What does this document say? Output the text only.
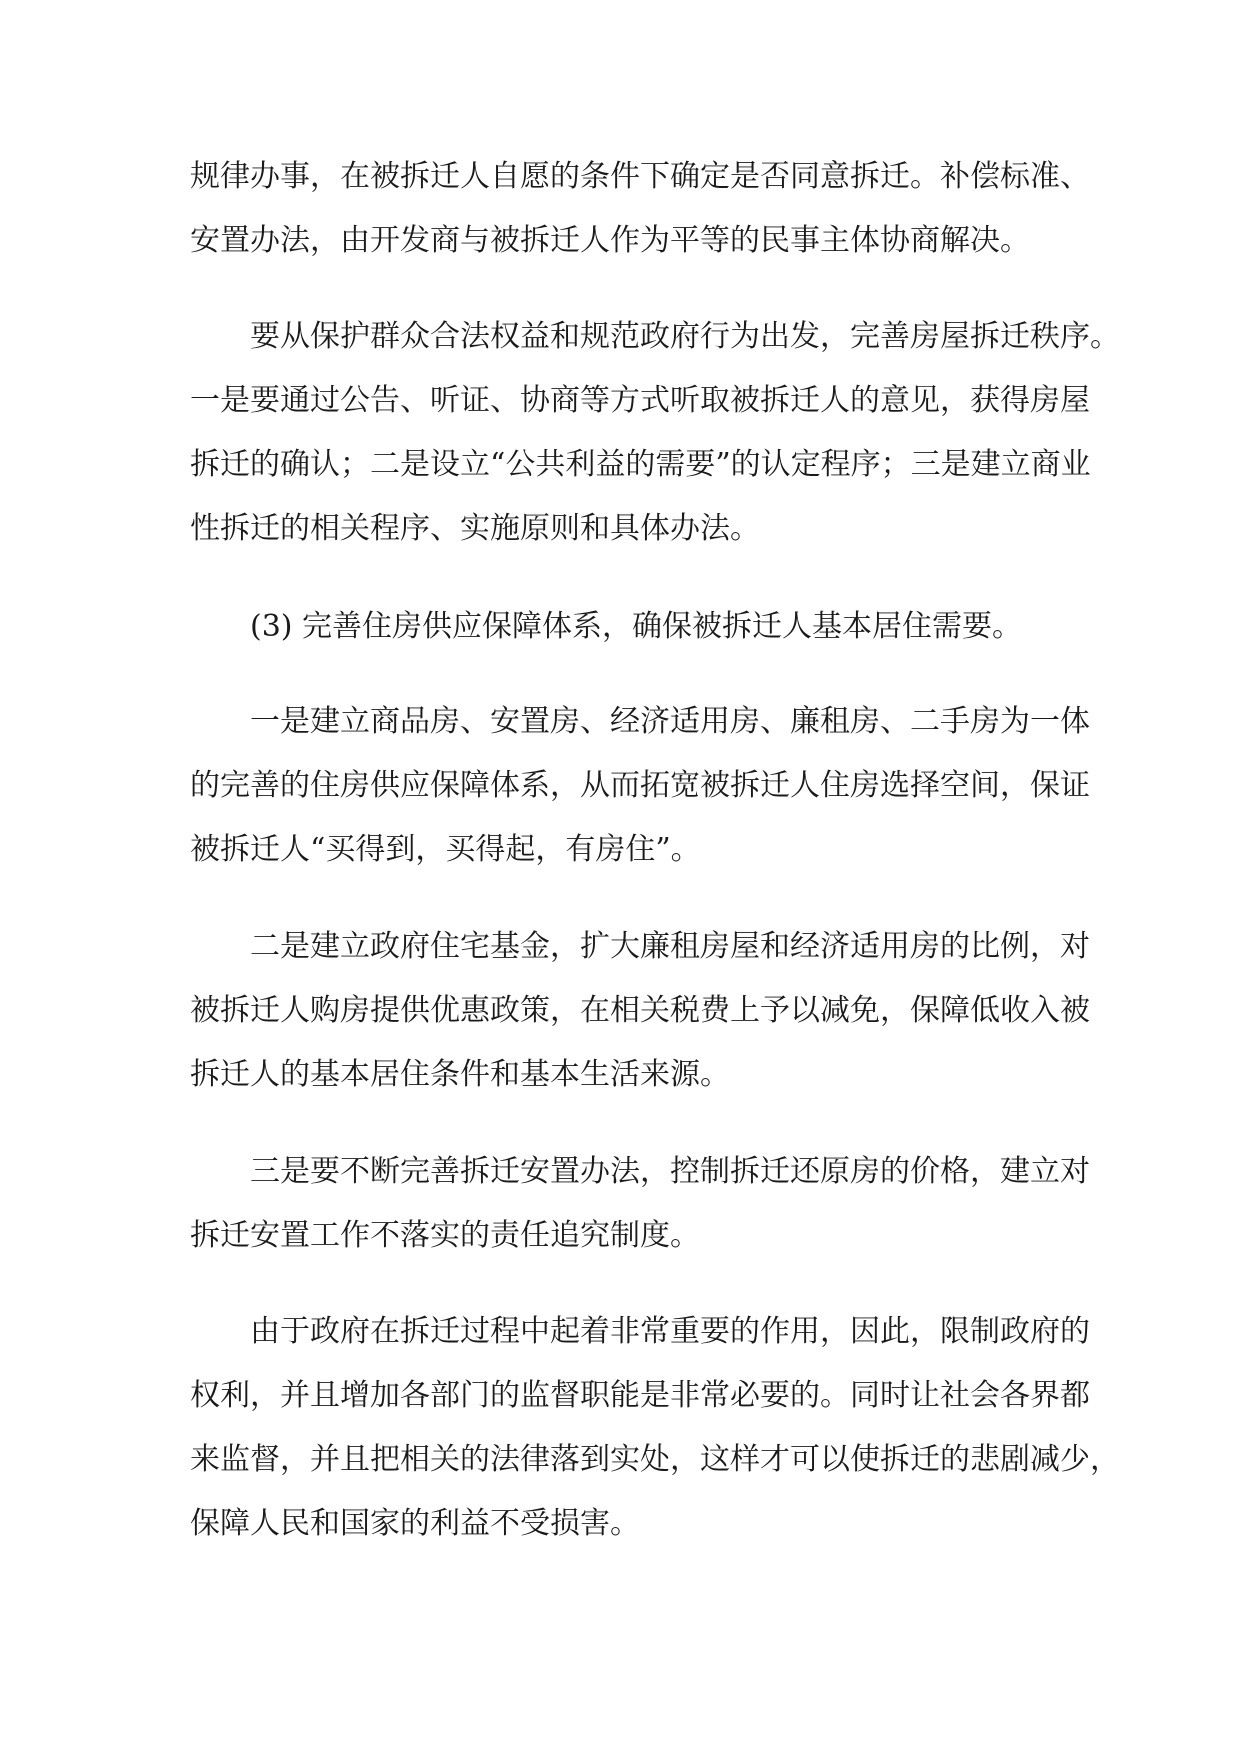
规律办事，在被拆迁人自愿的条件下确定是否同意拆迁。补偿标准、
安置办法，由开发商与被拆迁人作为平等的民事主体协商解决。
要从保护群众合法权益和规范政府行为出发，完善房屋拆迁秩序。
一是要通过公告、听证、协商等方式听取被拆迁人的意见，获得房屋
拆迁的确认；二是设立“公共利益的需要”的认定程序；三是建立商业
性拆迁的相关程序、实施原则和具体办法。
(3) 完善住房供应保障体系，确保被拆迁人基本居住需要。
一是建立商品房、安置房、经济适用房、廉租房、二手房为一体
的完善的住房供应保障体系，从而拓宽被拆迁人住房选择空间，保证
被拆迁人“买得到，买得起，有房住”。
二是建立政府住宅基金，扩大廉租房屋和经济适用房的比例，对
被拆迁人购房提供优惠政策，在相关税费上予以减免，保障低收入被
拆迁人的基本居住条件和基本生活来源。
三是要不断完善拆迁安置办法，控制拆迁还原房的价格，建立对
拆迁安置工作不落实的责任追究制度。
由于政府在拆迁过程中起着非常重要的作用，因此，限制政府的
权利，并且增加各部门的监督职能是非常必要的。同时让社会各界都
来监督，并且把相关的法律落到实处，这样才可以使拆迁的悲剧减少，
保障人民和国家的利益不受损害。
